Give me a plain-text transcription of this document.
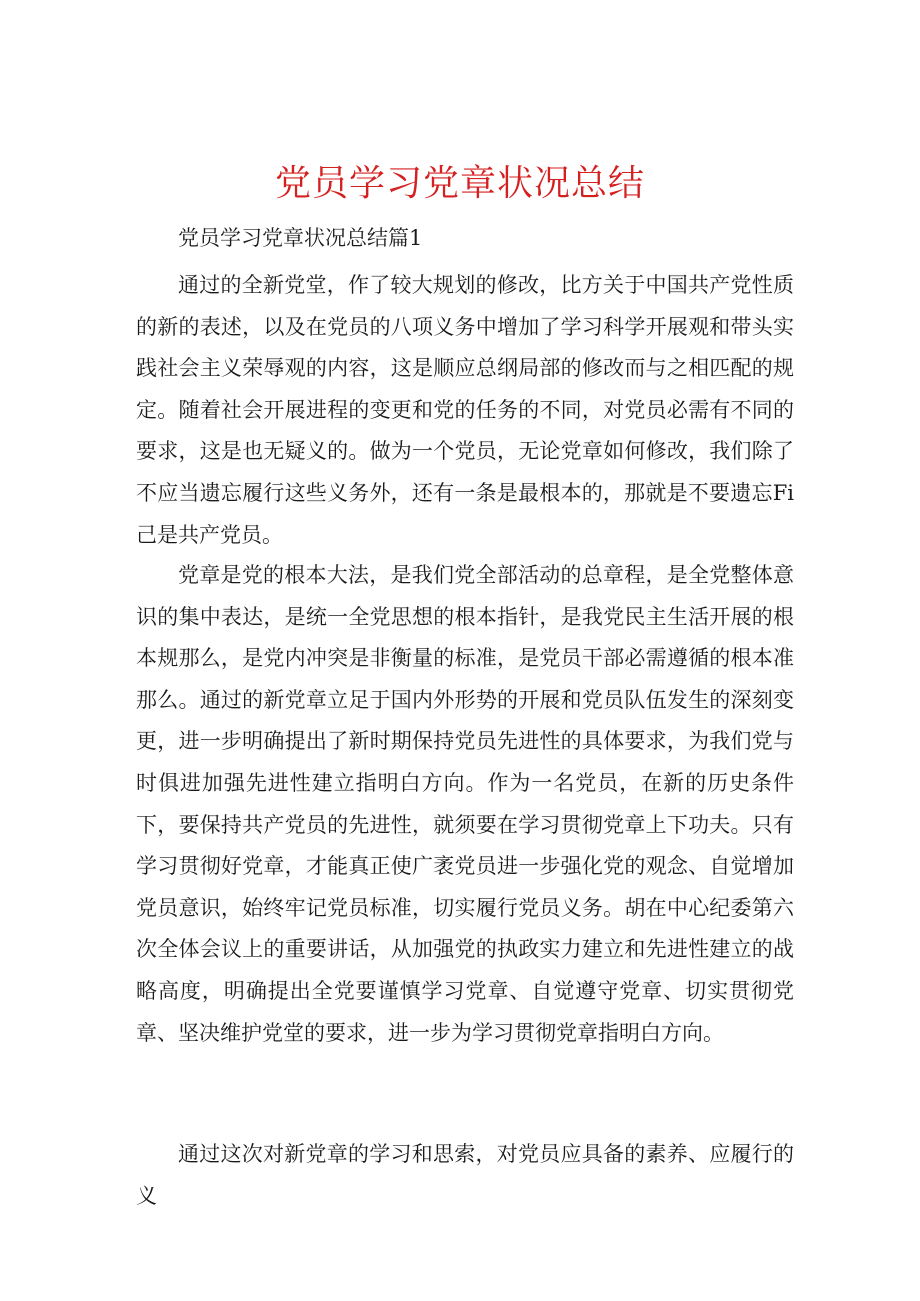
党员学习党章状况总结
党员学习党章状况总结篇1

通过的全新党堂，作了较大规划的修改，比方关于中国共产党性质的新的表述，以及在党员的八项义务中增加了学习科学开展观和带头实践社会主义荣辱观的内容，这是顺应总纲局部的修改而与之相匹配的规定。随着社会开展进程的变更和党的任务的不同，对党员必需有不同的要求，这是也无疑义的。做为一个党员，无论党章如何修改，我们除了不应当遗忘履行这些义务外，还有一条是最根本的，那就是不要遗忘Fi己是共产党员。

党章是党的根本大法，是我们党全部活动的总章程，是全党整体意识的集中表达，是统一全党思想的根本指针，是我党民主生活开展的根本规那么，是党内冲突是非衡量的标准，是党员干部必需遵循的根本准那么。通过的新党章立足于国内外形势的开展和党员队伍发生的深刻变更，进一步明确提出了新时期保持党员先进性的具体要求，为我们党与时俱进加强先进性建立指明白方向。作为一名党员，在新的历史条件下，要保持共产党员的先进性，就须要在学习贯彻党章上下功夫。只有学习贯彻好党章，才能真正使广袤党员进一步强化党的观念、自觉增加党员意识，始终牢记党员标准，切实履行党员义务。胡在中心纪委第六次全体会议上的重要讲话，从加强党的执政实力建立和先进性建立的战略高度，明确提出全党要谨慎学习党章、自觉遵守党章、切实贯彻党章、坚决维护党堂的要求，进一步为学习贯彻党章指明白方向。

通过这次对新党章的学习和思索，对党员应具备的素养、应履行的义
